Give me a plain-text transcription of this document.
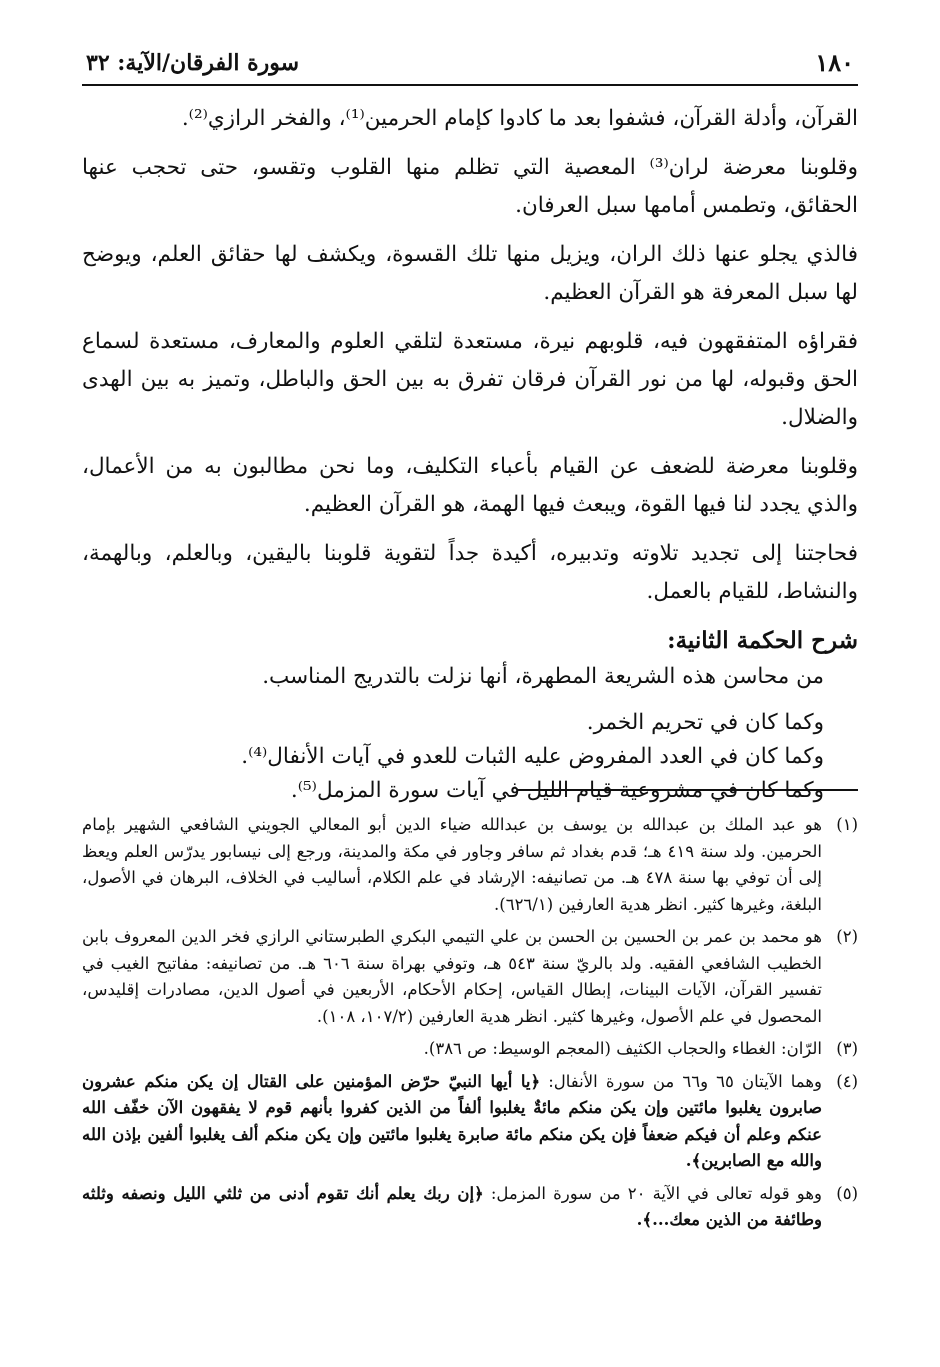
١٨٠
سورة الفرقان/الآية: ٣٢

القرآن، وأدلة القرآن، فشفوا بعد ما كادوا كإمام الحرمين⁽¹⁾، والفخر الرازي⁽²⁾.

وقلوبنا معرضة لران⁽³⁾ المعصية التي تظلم منها القلوب وتقسو، حتى تحجب عنها الحقائق، وتطمس أمامها سبل العرفان.

فالذي يجلو عنها ذلك الران، ويزيل منها تلك القسوة، ويكشف لها حقائق العلم، ويوضح لها سبل المعرفة هو القرآن العظيم.

فقراؤه المتفقهون فيه، قلوبهم نيرة، مستعدة لتلقي العلوم والمعارف، مستعدة لسماع الحق وقبوله، لها من نور القرآن فرقان تفرق به بين الحق والباطل، وتميز به بين الهدى والضلال.

وقلوبنا معرضة للضعف عن القيام بأعباء التكليف، وما نحن مطالبون به من الأعمال، والذي يجدد لنا فيها القوة، ويبعث فيها الهمة، هو القرآن العظيم.

فحاجتنا إلى تجديد تلاوته وتدبيره، أكيدة جداً لتقوية قلوبنا باليقين، وبالعلم، وبالهمة، والنشاط، للقيام بالعمل.

شرح الحكمة الثانية:

من محاسن هذه الشريعة المطهرة، أنها نزلت بالتدريج المناسب.

وكما كان في تحريم الخمر.

وكما كان في العدد المفروض عليه الثبات للعدو في آيات الأنفال⁽⁴⁾.

وكما كان في مشروعية قيام الليل في آيات سورة المزمل⁽⁵⁾.

(١)
هو عبد الملك بن عبدالله بن يوسف بن عبدالله ضياء الدين أبو المعالي الجويني الشافعي الشهير بإمام الحرمين. ولد سنة ٤١٩ هـ؛ قدم بغداد ثم سافر وجاور في مكة والمدينة، ورجع إلى نيسابور يدرّس العلم ويعظ إلى أن توفي بها سنة ٤٧٨ هـ. من تصانيفه: الإرشاد في علم الكلام، أساليب في الخلاف، البرهان في الأصول، البلغة، وغيرها كثير. انظر هدية العارفين (٦٢٦/١).
(٢)
هو محمد بن عمر بن الحسين بن الحسن بن علي التيمي البكري الطبرستاني الرازي فخر الدين المعروف بابن الخطيب الشافعي الفقيه. ولد بالريّ سنة ٥٤٣ هـ، وتوفي بهراة سنة ٦٠٦ هـ. من تصانيفه: مفاتيح الغيب في تفسير القرآن، الآيات البينات، إبطال القياس، إحكام الأحكام، الأربعين في أصول الدين، مصادرات إقليدس، المحصول في علم الأصول، وغيرها كثير. انظر هدية العارفين (١٠٧/٢، ١٠٨).
(٣)
الرّان: الغطاء والحجاب الكثيف (المعجم الوسيط: ص ٣٨٦).
(٤)
وهما الآيتان ٦٥ و٦٦ من سورة الأنفال: ﴿يا أيها النبيّ حرّض المؤمنين على القتال إن يكن منكم عشرون صابرون يغلبوا مائتين وإن يكن منكم مائةٌ يغلبوا ألفاً من الذين كفروا بأنهم قوم لا يفقهون الآن خفّف الله عنكم وعلم أن فيكم ضعفاً فإن يكن منكم مائة صابرة يغلبوا مائتين وإن يكن منكم ألف يغلبوا ألفين بإذن الله والله مع الصابرين﴾.
(٥)
وهو قوله تعالى في الآية ٢٠ من سورة المزمل: ﴿إن ربك يعلم أنك تقوم أدنى من ثلثي الليل ونصفه وثلثه وطائفة من الذين معك...﴾.
